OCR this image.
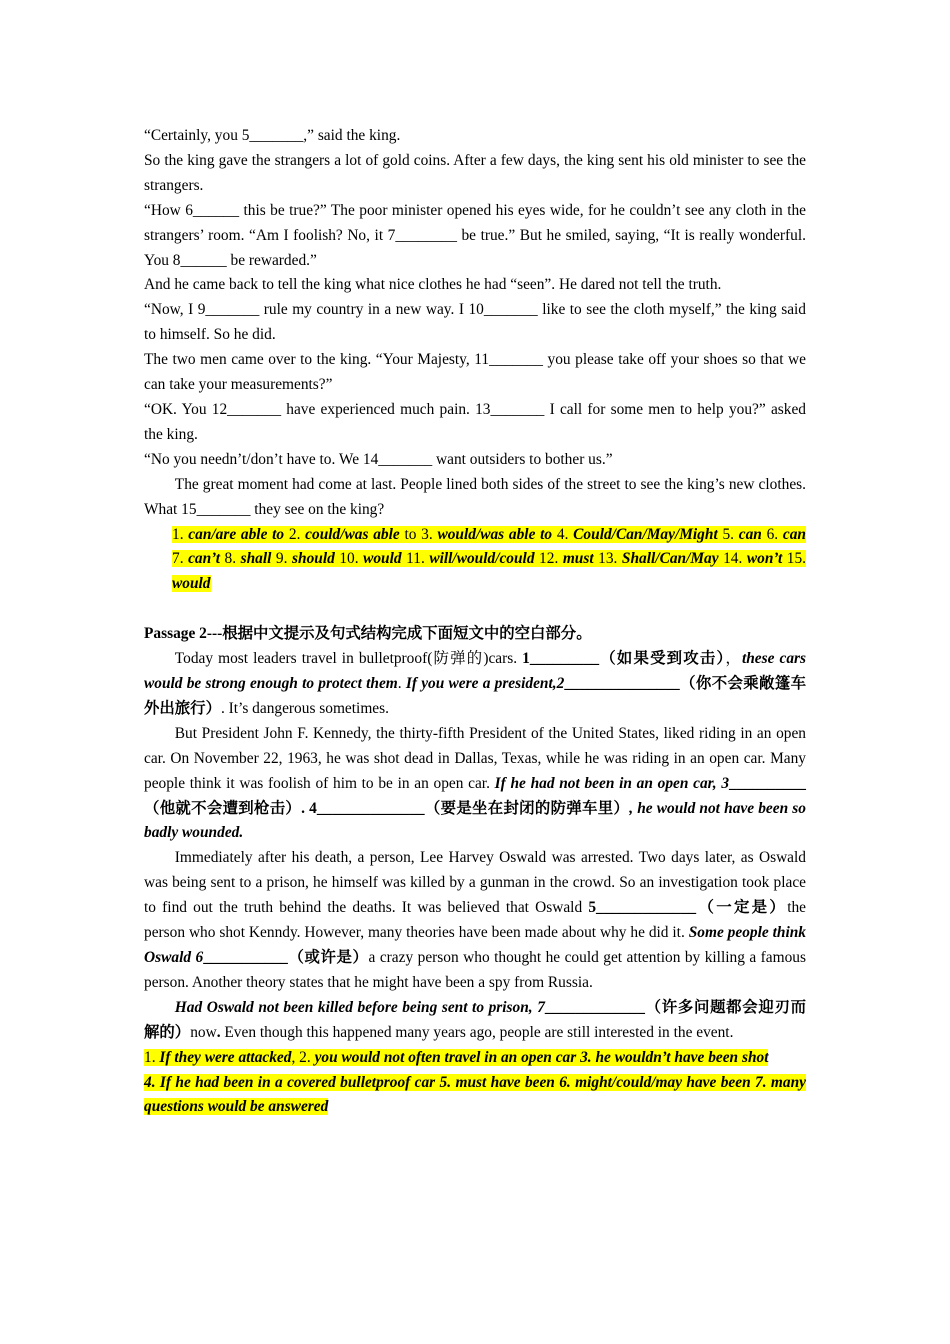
“Certainly, you 5_______,” said the king.

So the king gave the strangers a lot of gold coins. After a few days, the king sent his old minister to see the strangers.

“How 6______ this be true?” The poor minister opened his eyes wide, for he couldn’t see any cloth in the strangers’ room. “Am I foolish? No, it 7________ be true.” But he smiled, saying, “It is really wonderful. You 8______ be rewarded.”

And he came back to tell the king what nice clothes he had “seen”. He dared not tell the truth.

“Now, I 9_______ rule my country in a new way. I 10_______ like to see the cloth myself,” the king said to himself. So he did.

The two men came over to the king. “Your Majesty, 11_______ you please take off your shoes so that we can take your measurements?”

“OK. You 12_______ have experienced much pain. 13_______ I call for some men to help you?” asked the king.

“No you needn’t/don’t have to. We 14_______ want outsiders to bother us.”

The great moment had come at last. People lined both sides of the street to see the king’s new clothes. What 15_______ they see on the king?

1. can/are able to 2. could/was able to 3. would/was able to 4. Could/Can/May/Might 5. can 6. can 7. can’t 8. shall 9. should 10. would 11. will/would/could 12. must 13. Shall/Can/May 14. won’t 15. would

Passage 2---根据中文提示及句式结构完成下面短文中的空白部分。

Today most leaders travel in bulletproof(防弹的)cars. 1_________（如果受到攻击），these cars would be strong enough to protect them. If you were a president,2_______________（你不会乘敞篷车外出旅行）. It’s dangerous sometimes.

But President John F. Kennedy, the thirty-fifth President of the United States, liked riding in an open car. On November 22, 1963, he was shot dead in Dallas, Texas, while he was riding in an open car. Many people think it was foolish of him to be in an open car. If he had not been in an open car, 3__________（他就不会遭到枪击）. 4______________（要是坐在封闭的防弹车里）, he would not have been so badly wounded.

Immediately after his death, a person, Lee Harvey Oswald was arrested. Two days later, as Oswald was being sent to a prison, he himself was killed by a gunman in the crowd. So an investigation took place to find out the truth behind the deaths. It was believed that Oswald 5_____________（一定是）the person who shot Kenndy. However, many theories have been made about why he did it. Some people think Oswald 6___________（或许是）a crazy person who thought he could get attention by killing a famous person. Another theory states that he might have been a spy from Russia.

Had Oswald not been killed before being sent to prison, 7_____________（许多问题都会迎刃而解的）now. Even though this happened many years ago, people are still interested in the event.

1. If they were attacked, 2. you would not often travel in an open car 3. he wouldn’t have been shot

4. If he had been in a covered bulletproof car 5. must have been 6. might/could/may have been 7. many questions would be answered
